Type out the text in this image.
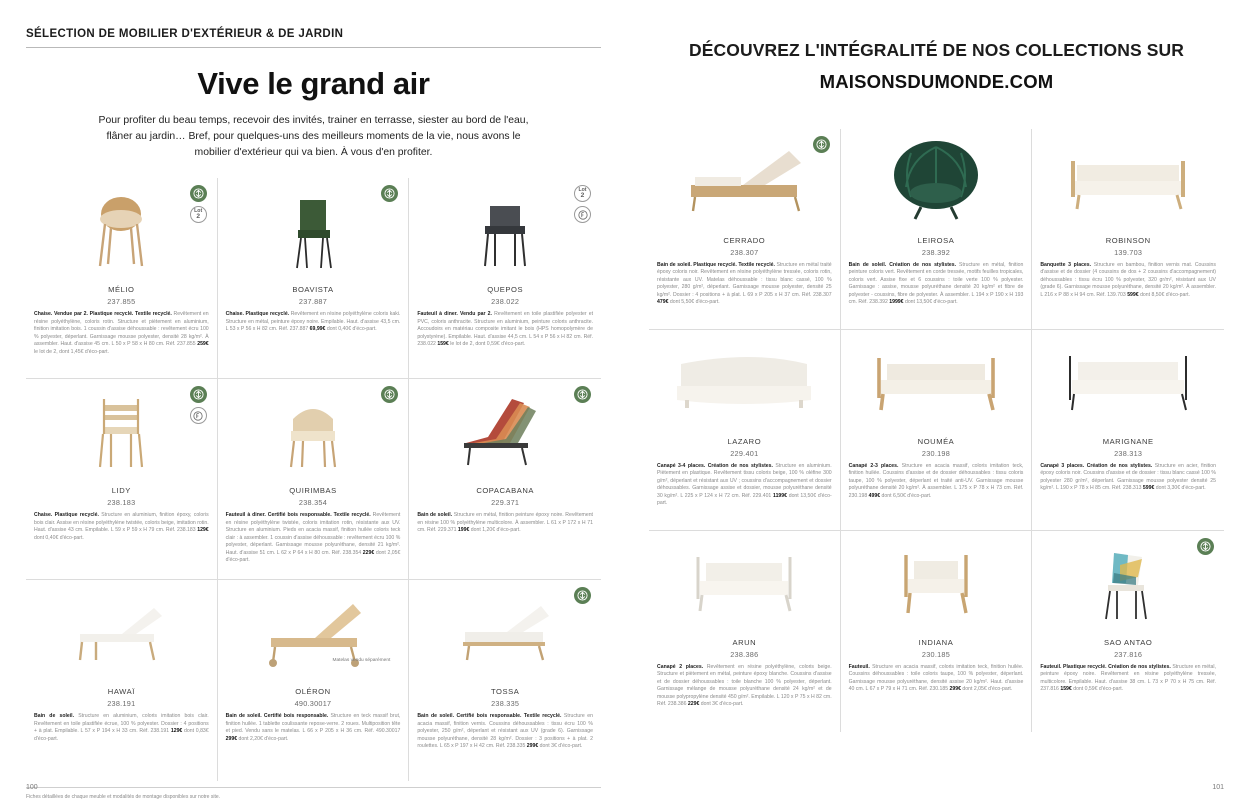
SÉLECTION DE MOBILIER D'EXTÉRIEUR & DE JARDIN
Vive le grand air
Pour profiter du beau temps, recevoir des invités, trainer en terrasse, siester au bord de l'eau, flâner au jardin… Bref, pour quelques-uns des meilleurs moments de la vie, nous avons le mobilier d'extérieur qui va bien. À vous d'en profiter.
Lot
2
MÉLIO
237.855
Chaise. Vendue par 2. Plastique recyclé. Textile recyclé. Revêtement en résine polyéthylène, coloris rotin. Structure et piètement en aluminium, finition imitation bois. 1 coussin d'assise déhoussable : revêtement écru 100 % polyester, déperlant. Garnissage mousse polyester, densité 28 kg/m². À assembler. Haut. d'assise 45 cm. L 50 x P 58 x H 80 cm. Réf. 237.855 259€ le lot de 2, dont 1,45€ d'éco-part.
BOAVISTA
237.887
Chaise. Plastique recyclé. Revêtement en résine polyéthylène coloris kaki. Structure en métal, peinture époxy noire. Empilable. Haut. d'assise 43,5 cm. L 53 x P 56 x H 82 cm. Réf. 237.887 69,99€ dont 0,40€ d'éco-part.
Lot
2
QUEPOS
238.022
Fauteuil à diner. Vendu par 2. Revêtement en toile plastifiée polyester et PVC, coloris anthracite. Structure en aluminium, peinture coloris anthracite. Accoudoirs en matériau composite imitant le bois (HPS homopolymère de polystyrène). Empilable. Haut. d'assise 44,5 cm. L 54 x P 56 x H 82 cm. Réf. 238.022 159€ le lot de 2, dont 0,59€ d'éco-part.
LIDY
238.183
Chaise. Plastique recyclé. Structure en aluminium, finition époxy, coloris bois clair. Assise en résine polyéthylène twistée, coloris beige, imitation rotin. Haut. d'assise 43 cm. Empilable. L 59 x P 59 x H 79 cm. Réf. 238.183 129€ dont 0,40€ d'éco-part.
QUIRIMBAS
238.354
Fauteuil à diner. Certifié bois responsable. Textile recyclé. Revêtement en résine polyéthylène twistée, coloris imitation rotin, résistante aux UV. Structure en aluminium. Pieds en acacia massif, finition huilée coloris teck clair : à assembler. 1 coussin d'assise déhoussable : revêtement écru 100 % polyester, déperlant. Garnissage mousse polyuréthane, densité 21 kg/m². Haut. d'assise 51 cm. L 62 x P 64 x H 80 cm. Réf. 238.354 229€ dont 2,05€ d'éco-part.
COPACABANA
229.371
Bain de soleil. Structure en métal, finition peinture époxy noire. Revêtement en résine 100 % polyéthylène multicolore. À assembler. L 61 x P 172 x H 71 cm. Réf. 229.371 199€ dont 1,20€ d'éco-part.
HAWAÏ
238.191
Bain de soleil. Structure en aluminium, coloris imitation bois clair. Revêtement en toile plastifiée écrue, 100 % polyester. Dossier : 4 positions + à plat. Empilable. L 57 x P 194 x H 33 cm. Réf. 238.191 129€ dont 0,83€ d'éco-part.
Matelas vendu séparément
OLÉRON
490.30017
Bain de soleil. Certifié bois responsable. Structure en teck massif brut, finition huilée. 1 tablette coulissante repose-verre. 2 roues. Multiposition tête et pied. Vendu sans le matelas. L 66 x P 205 x H 36 cm. Réf. 490.30017 299€ dont 2,20€ d'éco-part.
TOSSA
238.335
Bain de soleil. Certifié bois responsable. Textile recyclé. Structure en acacia massif, finition vernis. Coussins déhoussables : tissu écru 100 % polyester, 250 g/m², déperlant et résistant aux UV (grade 6). Garnissage mousse polyuréthane, densité 28 kg/m². Dossier : 3 positions + à plat. 2 roulettes. L 65 x P 197 x H 42 cm. Réf. 238.335 299€ dont 3€ d'éco-part.
Fiches détaillées de chaque meuble et modalités de montage disponibles sur notre site.
100
DÉCOUVREZ L'INTÉGRALITÉ DE NOS COLLECTIONS SUR
MAISONSDUMONDE.COM
CERRADO
238.307
Bain de soleil. Plastique recyclé. Textile recyclé. Structure en métal traité époxy coloris noir. Revêtement en résine polyéthylène tressée, coloris rotin, résistante aux UV. Matelas déhoussable : tissu blanc cassé, 100 % polyester, 280 g/m², déperlant. Garnissage mousse polyester, densité 25 kg/m². Dossier : 4 positions + à plat. L 69 x P 205 x H 37 cm. Réf. 238.307 479€ dont 5,50€ d'éco-part.
LEIROSA
238.392
Bain de soleil. Création de nos stylistes. Structure en métal, finition peinture coloris vert. Revêtement en corde tressée, motifs feuilles tropicales, coloris vert. Assise fixe et 6 coussins : toile verte 100 % polyester. Garnissage : assise, mousse polyuréthane densité 20 kg/m² et fibre de polyester - coussins, fibre de polyester. À assembler. L 194 x P 190 x H 193 cm. Réf. 238.392 1999€ dont 13,50€ d'éco-part.
ROBINSON
139.703
Banquette 3 places. Structure en bambou, finition vernis mat. Coussins d'assise et de dossier (4 coussins de dos + 2 coussins d'accompagnement) déhoussables : tissu écru 100 % polyester, 320 gr/m², résistant aux UV (grade 6). Garnissage mousse polyuréthane, densité 20 kg/m². À assembler. L 216 x P 88 x H 94 cm. Réf. 139.703 599€ dont 8,50€ d'éco-part.
LAZARO
229.401
Canapé 3-4 places. Création de nos stylistes. Structure en aluminium. Piètement en plastique. Revêtement tissu coloris beige, 100 % oléfine 300 g/m², déperlant et résistant aux UV ; coussins d'accompagnement et dossier déhoussables. Garnissage assise et dossier, mousse polyuréthane densité 30 kg/m². L 225 x P 124 x H 72 cm. Réf. 229.401 1199€ dont 13,50€ d'éco-part.
NOUMÉA
230.198
Canapé 2-3 places. Structure en acacia massif, coloris imitation teck, finition huilée. Coussins d'assise et de dossier déhoussables : tissu coloris taupe, 100 % polyester, déperlant et traité anti-UV. Garnissage mousse polyuréthane densité 20 kg/m². À assembler. L 175 x P 78 x H 73 cm. Réf. 230.198 499€ dont 6,50€ d'éco-part.
MARIGNANE
238.313
Canapé 3 places. Création de nos stylistes. Structure en acier, finition époxy coloris noir. Coussins d'assise et de dossier : tissu blanc cassé 100 % polyester 280 gr/m², déperlant. Garnissage mousse polyester densité 25 kg/m². L 190 x P 78 x H 85 cm. Réf. 238.313 599€ dont 3,30€ d'éco-part.
ARUN
238.386
Canapé 2 places. Revêtement en résine polyéthylène, coloris beige. Structure et piètement en métal, peinture époxy blanche. Coussins d'assise et de dossier déhoussables : toile blanche 100 % polyester, déperlant. Garnissage mélange de mousse polyuréthane densité 24 kg/m² et de mousse polypropylène densité 450 g/m². Empilable. L 120 x P 75 x H 82 cm. Réf. 238.386 229€ dont 3€ d'éco-part.
INDIANA
230.185
Fauteuil. Structure en acacia massif, coloris imitation teck, finition huilée. Coussins déhoussables : toile coloris taupe, 100 % polyester, déperlant. Garnissage mousse polyuréthane, densité assise 20 kg/m². Haut. d'assise 40 cm. L 67 x P 79 x H 71 cm. Réf. 230.185 299€ dont 2,05€ d'éco-part.
SAO ANTAO
237.816
Fauteuil. Plastique recyclé. Création de nos stylistes. Structure en métal, peinture époxy noire. Revêtement en résine polyéthylène tressée, multicolore. Empilable. Haut. d'assise 38 cm. L 73 x P 70 x H 75 cm. Réf. 237.816 159€ dont 0,59€ d'éco-part.
101
